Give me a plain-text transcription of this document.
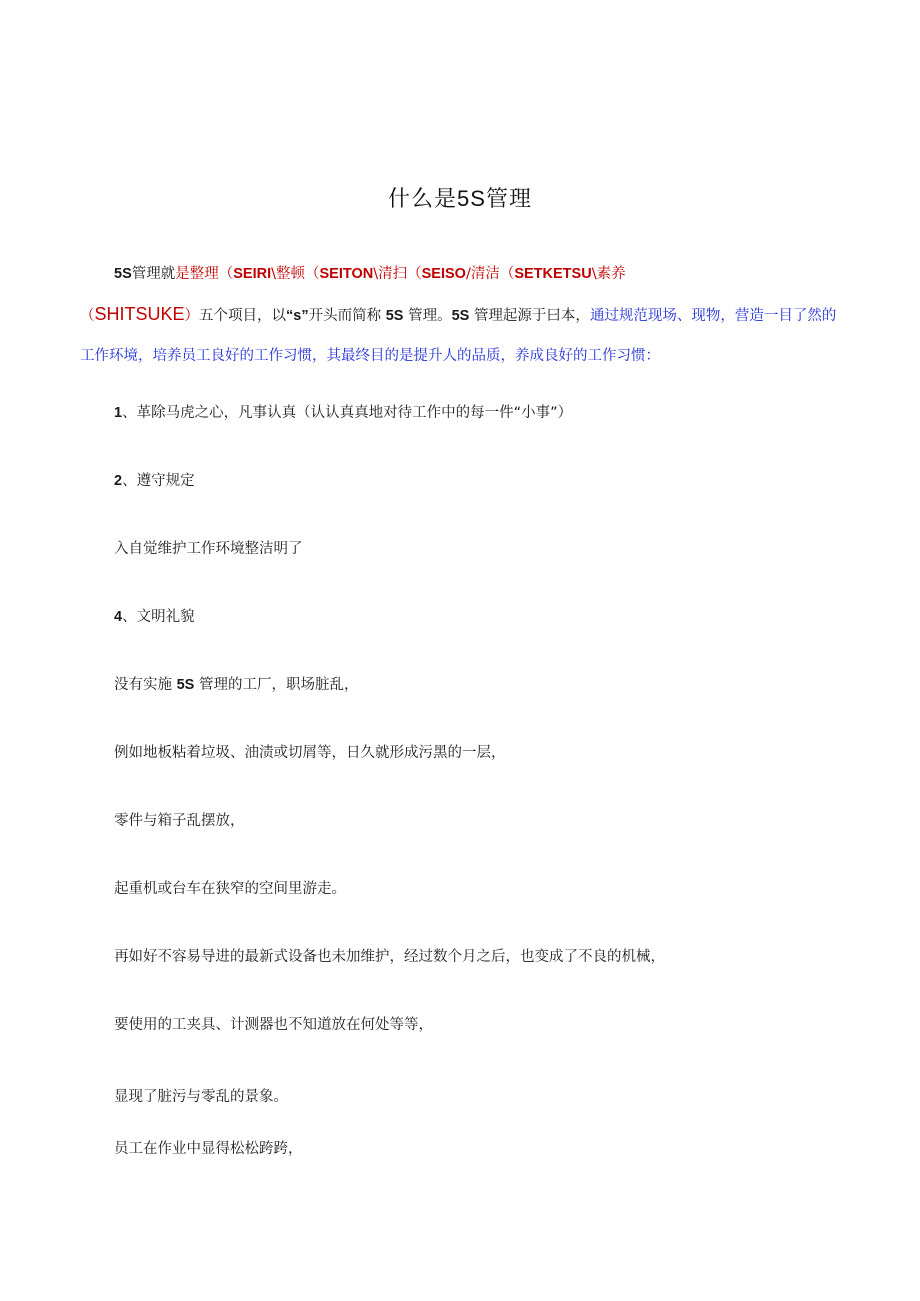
什么是5S管理
5S管理就是整理（SEIRI\整顿（SEITON\清扫（SEISO/清洁（SETKETSU\素养
（SHITSUKE）五个项目，以“s”开头而简称 5S 管理。5S 管理起源于曰本，通过规范现场、现物，营造一目了然的工作环境，培养员工良好的工作习惯，其最终目的是提升人的品质，养成良好的工作习惯：
1、革除马虎之心，凡事认真（认认真真地对待工作中的每一件“小事”）
2、遵守规定
入自觉维护工作环境整洁明了
4、文明礼貌
没有实施 5S 管理的工厂，职场脏乱，
例如地板粘着垃圾、油渍或切屑等，日久就形成污黑的一层，
零件与箱子乱摆放，
起重机或台车在狭窄的空间里游走。
再如好不容易导进的最新式设备也未加维护，经过数个月之后，也变成了不良的机械，
要使用的工夹具、计测器也不知道放在何处等等，
显现了脏污与零乱的景象。
员工在作业中显得松松跨跨，
